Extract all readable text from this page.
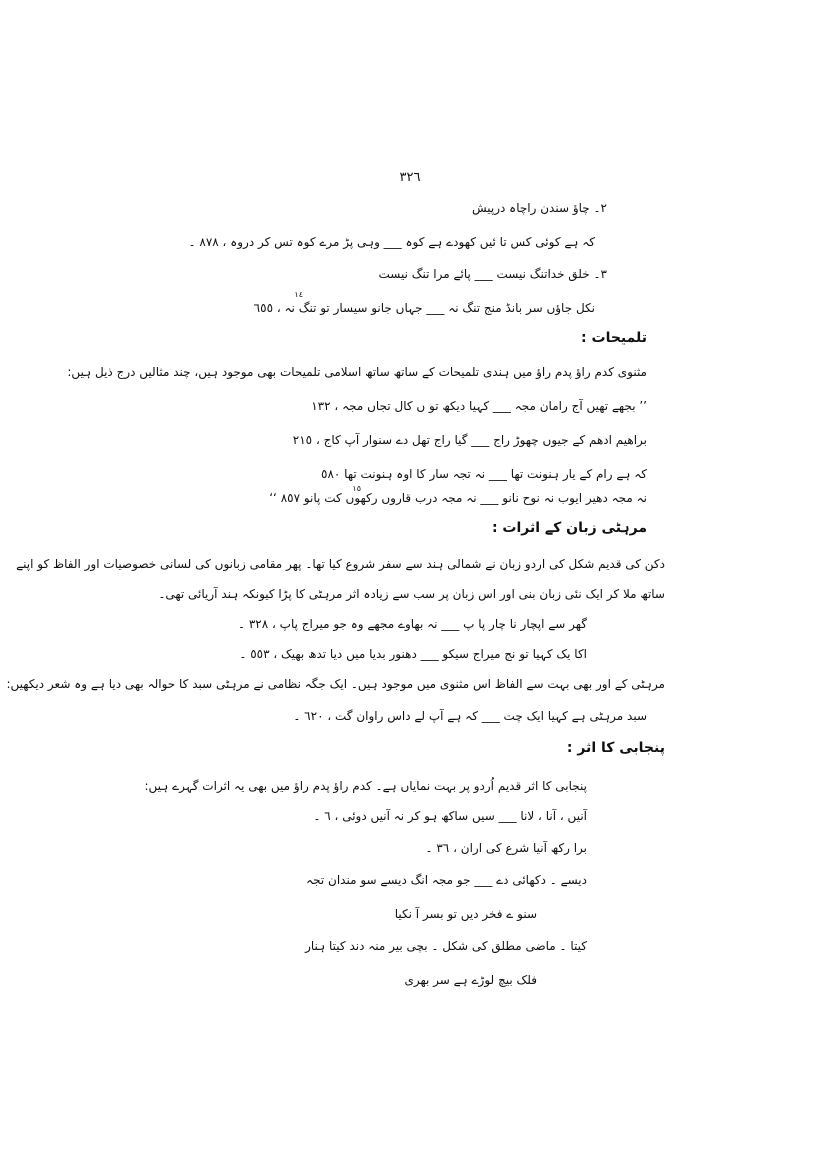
٣٢٦
٢۔ چاؤ سندن راچاہ درپیش
کہ ہے کوئی کس تا ئیں کھودے ہے کوہ ___ وہی پڑ مرے کوہ تس کر دروہ ، ٨٧٨ ۔
٣۔ خلق خداتنگ نیست ___ پائے مرا تنگ نیست
نکل جاؤں سر بانڈ منج تنگ نہ ___ جہاں جانو سیسار تو تنگ نہ ، ٦٥٥
١٤
تلمیحات :
مثنوی کدم راؤ پدم راؤ میں ہندی تلمیحات کے ساتھ ساتھ اسلامی تلمیحات بھی موجود ہیں، چند مثالیں درج ذیل ہیں:
’’ بجھے تھیں آج رامان مجہ ___ کہیا دیکھ تو ں کال تجاں مجہ ، ١٣٢
براھیم ادھم کے جیوں چھوڑ راج ___ گیا راج تھل دے سنوار آپ کاج ، ٢١٥
کہ ہے رام کے یار ہنونت تھا ___ نہ تجہ سار کا اوہ ہنونت تھا ٥٨٠
نہ مجہ دھیر ایوب نہ نوح نانو ___ نہ مجہ درب قاروں رکھوں کت پانو ٨٥٧ ‘‘
١٥
مرہٹی زبان کے اثرات :
دکن کی قدیم شکل کی اردو زبان نے شمالی ہند سے سفر شروع کیا تھا۔ پھر مقامی زبانوں کی لسانی خصوصیات اور الفاظ کو اپنے
ساتھ ملا کر ایک نئی زبان بنی اور اس زبان پر سب سے زیادہ اثر مرہٹی کا پڑا کیونکہ ہند آریائی تھی۔
گھر سے اپچار نا چار پا پ ___ نہ بھاوے مجھے وہ جو میراج پاپ ، ٣٢٨ ۔
اکا یک کہیا تو نج میراج سیکو ___ دھنور بدیا میں دیا تدھ بھیک ، ٥٥٣ ۔
مرہٹی کے اور بھی بہت سے الفاظ اس مثنوی میں موجود ہیں۔ ایک جگہ نظامی نے مرہٹی سبد کا حوالہ بھی دیا ہے وہ شعر دیکھیں:
سبد مرہٹی ہے کہیا ایک چت ___ کہ ہے آپ لے داس راوان گت ، ٦٢٠ ۔
پنجابی کا اثر :
پنجابی کا اثر قدیم اُردو پر بہت نمایاں ہے۔ کدم راؤ پدم راؤ میں بھی یہ اثرات گہرے ہیں:
آنیں ، آنا ، لانا ___ سیں ساکھ ہو کر نہ آنیں دوئی ، ٦ ۔
برا رکھ آنیا شرع کی اران ، ٣٦ ۔
دیسے ۔ دکھائی دے ___ جو مجہ انگ دیسے سو مندان تجہ
سنو ے فخر دیں تو بسر آ نکیا
کیتا ۔ ماضی مطلق کی شکل ۔ بچی بیر منہ دند کیتا ہنار
فلک بیچ لوڑے ہے سر بھری
